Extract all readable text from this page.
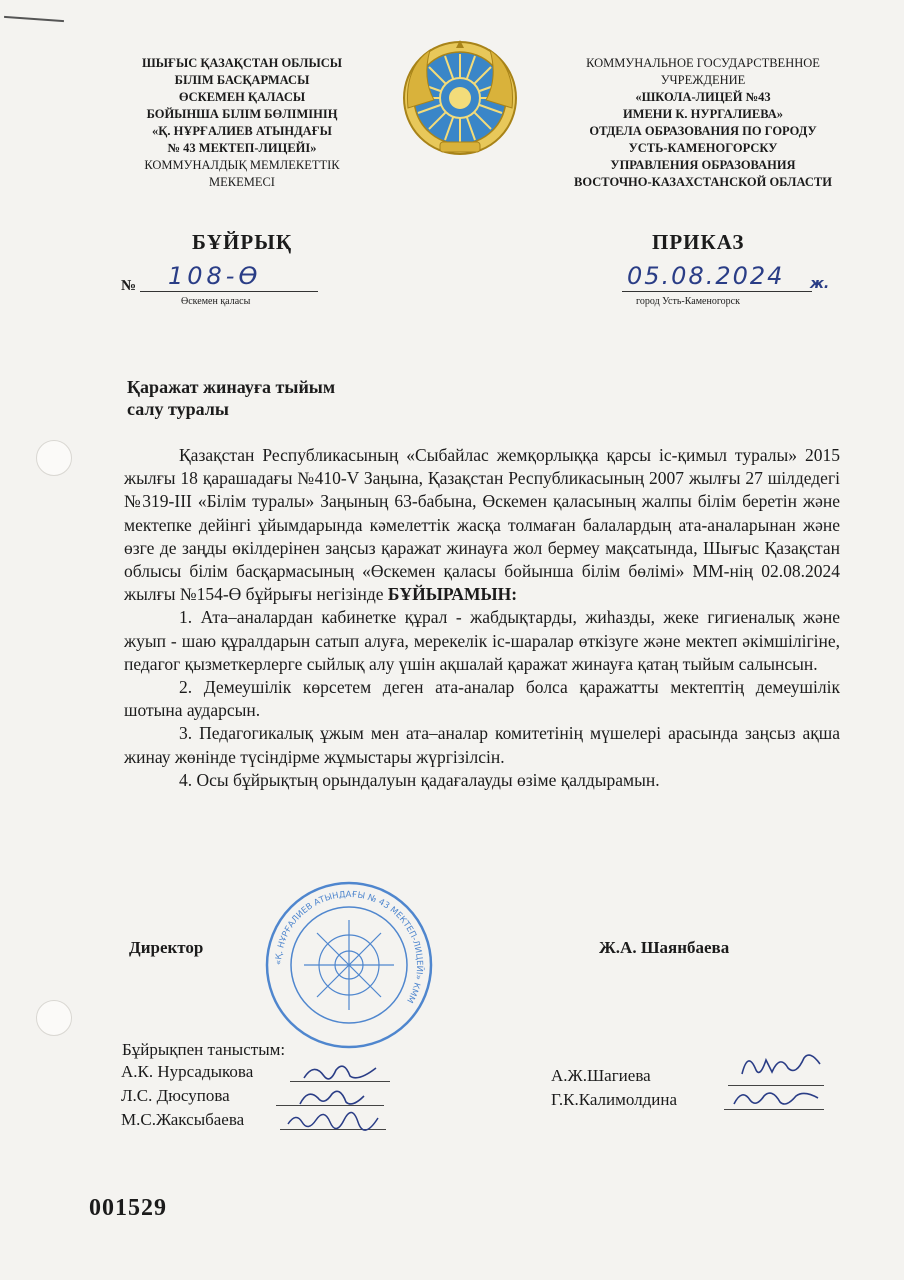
ШЫҒЫС ҚАЗАҚСТАН ОБЛЫСЫ
БІЛІМ БАСҚАРМАСЫ
ӨСКЕМЕН ҚАЛАСЫ
БОЙЫНША БІЛІМ БӨЛІМІНІҢ
«Қ. НҰРҒАЛИЕВ АТЫНДАҒЫ
№ 43 МЕКТЕП-ЛИЦЕЙІ»
КОММУНАЛДЫҚ МЕМЛЕКЕТТІК
МЕКЕМЕСІ
КОММУНАЛЬНОЕ ГОСУДАРСТВЕННОЕ
УЧРЕЖДЕНИЕ
«ШКОЛА-ЛИЦЕЙ №43
ИМЕНИ К. НУРГАЛИЕВА»
ОТДЕЛА ОБРАЗОВАНИЯ ПО ГОРОДУ
УСТЬ-КАМЕНОГОРСКУ
УПРАВЛЕНИЯ ОБРАЗОВАНИЯ
ВОСТОЧНО-КАЗАХСТАНСКОЙ ОБЛАСТИ
БҰЙРЫҚ	ПРИКАЗ
№ 108-Ө
Өскемен қаласы
05.08.2024 ж.
город Усть-Каменогорск
Қаражат жинауға тыйым
салу туралы

Қазақстан Республикасының «Сыбайлас жемқорлыққа қарсы іс-қимыл туралы» 2015 жылғы 18 қарашадағы №410-V Заңына, Қазақстан Республикасының 2007 жылғы 27 шілдедегі №319-ІІІ «Білім туралы» Заңының 63-бабына, Өскемен қаласының жалпы білім беретін және мектепке дейінгі ұйымдарында кәмелеттік жасқа толмаған балалардың ата-аналарынан және өзге де заңды өкілдерінен заңсыз қаражат жинауға жол бермеу мақсатында, Шығыс Қазақстан облысы білім басқармасының «Өскемен қаласы бойынша білім бөлімі» ММ-нің 02.08.2024 жылғы №154-Ө бұйрығы негізінде БҰЙЫРАМЫН:

1. Ата–аналардан кабинетке құрал - жабдықтарды, жиһазды, жеке гигиеналық және жуып - шаю құралдарын сатып алуға, мерекелік іс-шаралар өткізуге және мектеп әкімшілігіне, педагог қызметкерлерге сыйлық алу үшін ақшалай қаражат жинауға қатаң тыйым салынсын.

2. Демеушілік көрсетем деген ата-аналар болса қаражатты мектептің демеушілік шотына аударсын.

3. Педагогикалық ұжым мен ата–аналар комитетінің мүшелері арасында заңсыз ақша жинау жөнінде түсіндірме жұмыстары жүргізілсін.

4. Осы бұйрықтың орындалуын қадағалауды өзіме қалдырамын.

«Қ. НҰРҒАЛИЕВ АТЫНДАҒЫ № 43 МЕКТЕП-ЛИЦЕЙІ» КММ
Директор	Ж.А. Шаянбаева
Бұйрықпен таныстым:
А.К. Нурсадыкова
Л.С. Дюсупова
М.С.Жаксыбаева
А.Ж.Шагиева
Г.К.Калимолдина
001529
